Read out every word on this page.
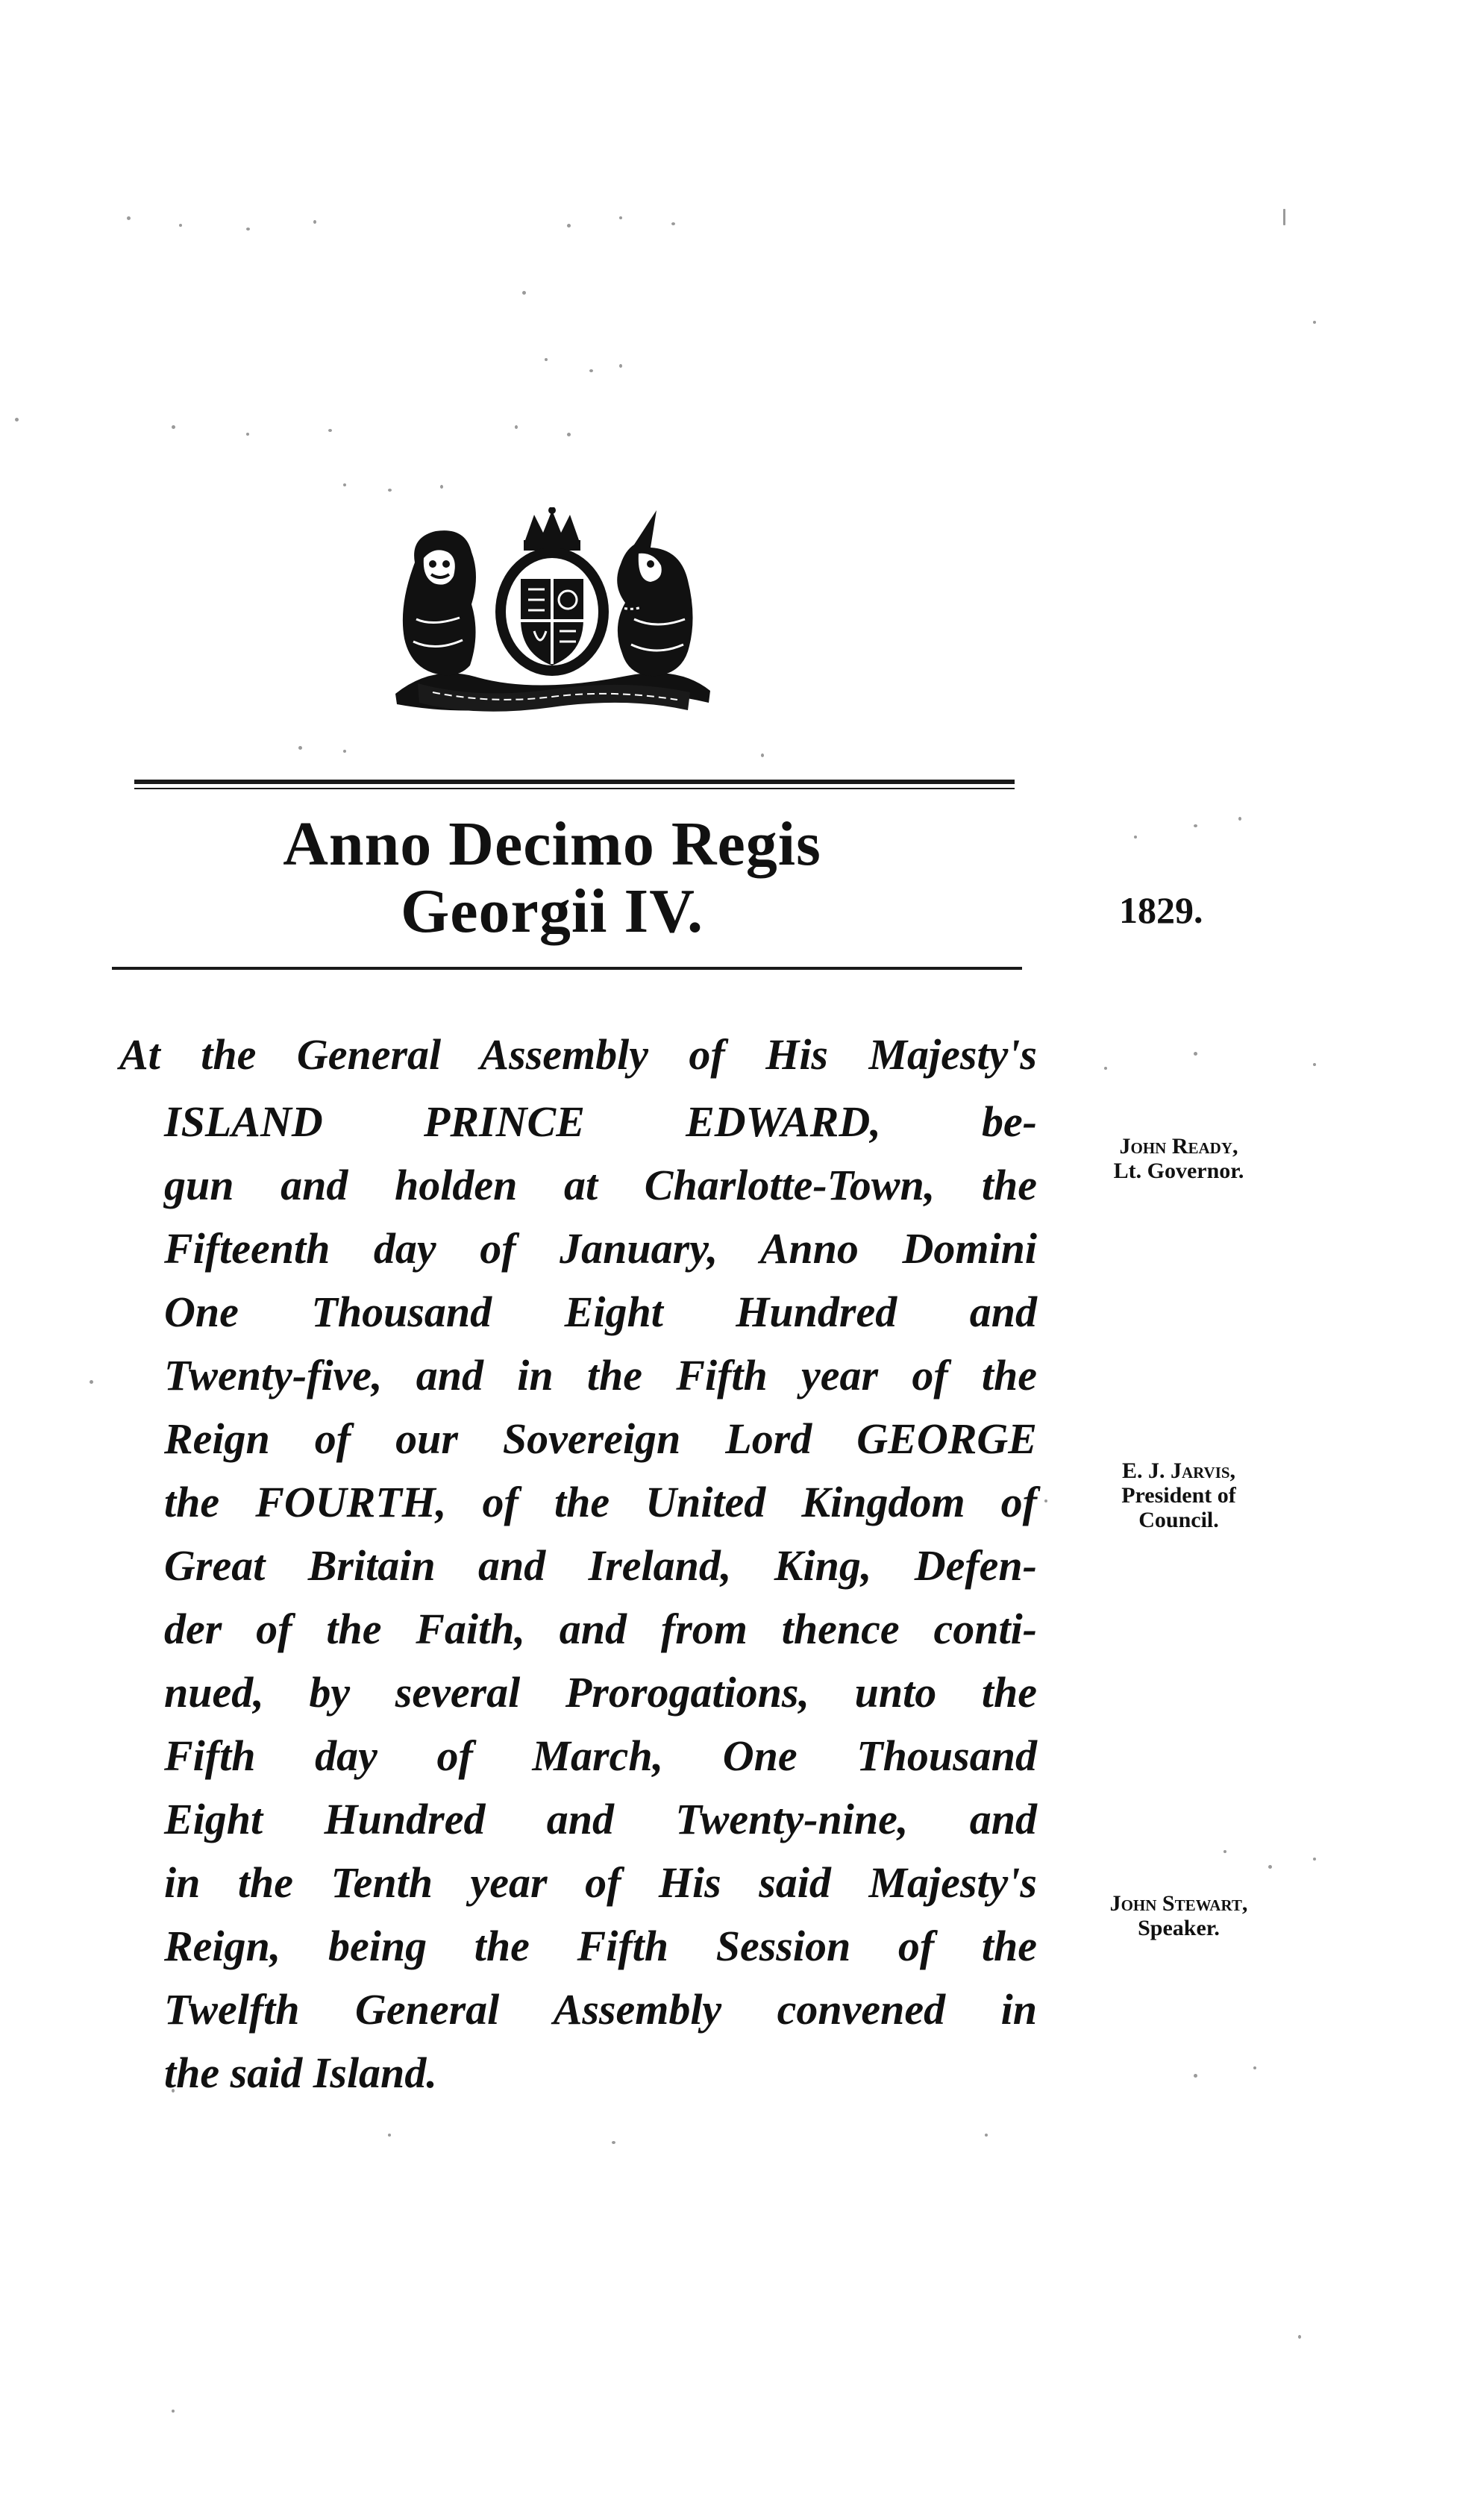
Anno Decimo Regis
Georgii IV.	1829.
At the General Assembly of His Majesty's
ISLAND PRINCE EDWARD, be-
gun and holden at Charlotte-Town, the
Fifteenth day of January, Anno Domini
One Thousand Eight Hundred and
Twenty-five, and in the Fifth year of the
Reign of our Sovereign Lord GEORGE
the FOURTH, of the United Kingdom of
Great Britain and Ireland, King, Defen-
der of the Faith, and from thence conti-
nued, by several Prorogations, unto the
Fifth day of March, One Thousand
Eight Hundred and Twenty-nine, and
in the Tenth year of His said Majesty's
Reign, being the Fifth Session of the
Twelfth General Assembly convened in
the said Island.
John Ready,
Lt. Governor.
E. J. Jarvis,
President of Council.
John Stewart,
Speaker.
